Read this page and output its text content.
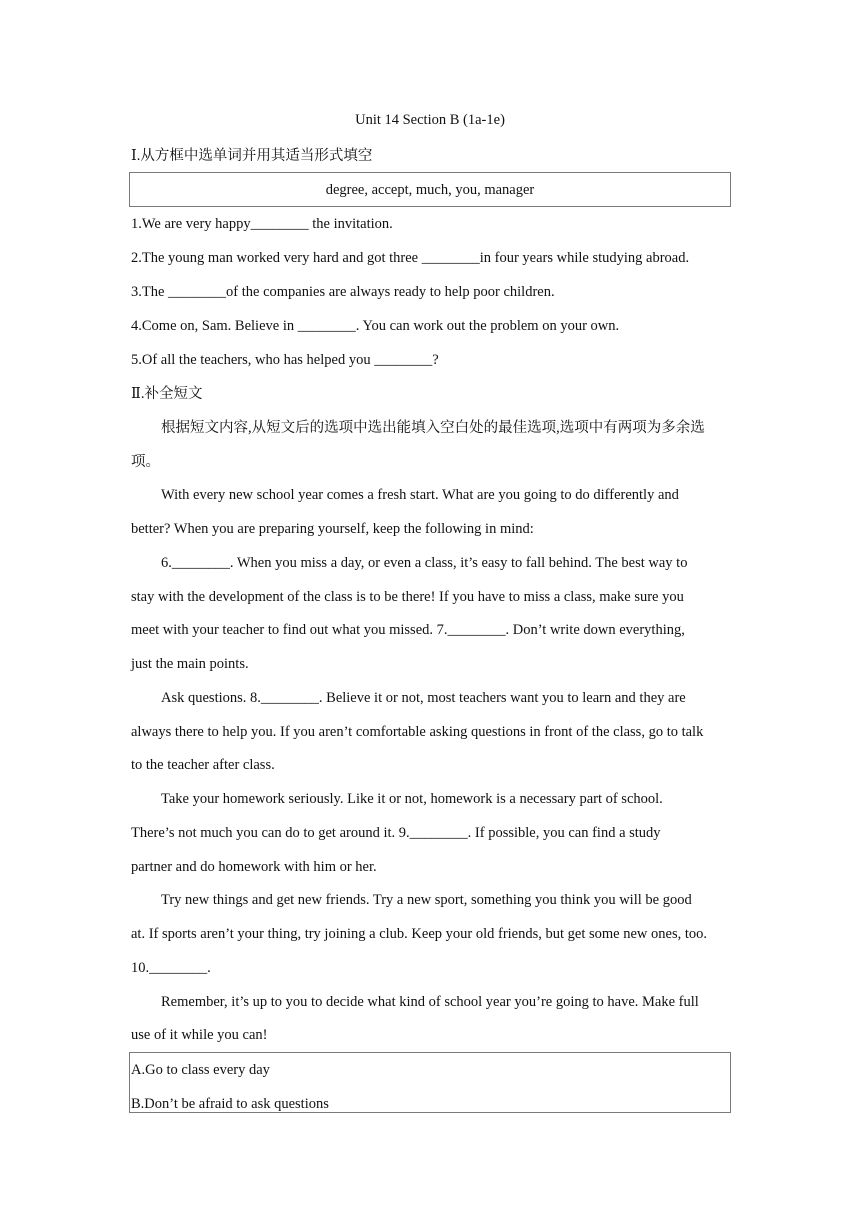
Unit 14 Section B (1a-1e)
Ⅰ.从方框中选单词并用其适当形式填空
degree, accept, much, you, manager
1.We are very happy________ the invitation.
2.The young man worked very hard and got three ________in four years while studying abroad.
3.The ________of the companies are always ready to help poor children.
4.Come on, Sam. Believe in ________. You can work out the problem on your own.
5.Of all the teachers, who has helped you ________?
Ⅱ.补全短文
根据短文内容,从短文后的选项中选出能填入空白处的最佳选项,选项中有两项为多余选
项。
With every new school year comes a fresh start. What are you going to do differently and
better? When you are preparing yourself, keep the following in mind:
6.________. When you miss a day, or even a class, it’s easy to fall behind. The best way to
stay with the development of the class is to be there! If you have to miss a class, make sure you
meet with your teacher to find out what you missed. 7.________. Don’t write down everything,
just the main points.
Ask questions. 8.________. Believe it or not, most teachers want you to learn and they are
always there to help you. If you aren’t comfortable asking questions in front of the class, go to talk
to the teacher after class.
Take your homework seriously. Like it or not, homework is a necessary part of school.
There’s not much you can do to get around it. 9.________. If possible, you can find a study
partner and do homework with him or her.
Try new things and get new friends. Try a new sport, something you think you will be good
at. If sports aren’t your thing, try joining a club. Keep your old friends, but get some new ones, too.
10.________.
Remember, it’s up to you to decide what kind of school year you’re going to have. Make full
use of it while you can!
A.Go to class every day
B.Don’t be afraid to ask questions
